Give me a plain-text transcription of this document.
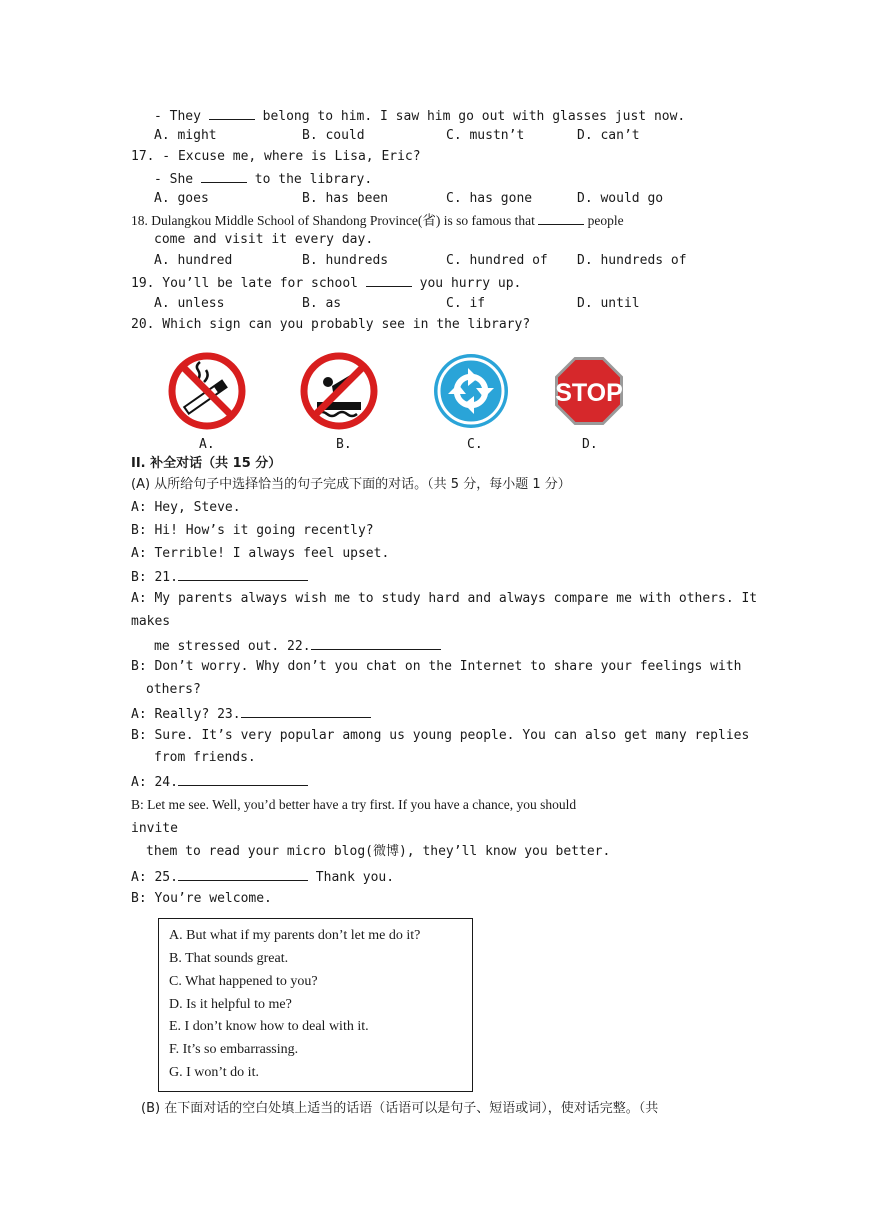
- They	belong to him. I saw him go out with glasses just now.
A. might	B. could	C. mustn’t	D. can’t
17. - Excuse me, where is Lisa, Eric?
- She	to the library.
A. goes	B. has been	C. has gone	D. would go
18. Dulangkou Middle School of Shandong Province(省) is so famous that	people
come and visit it every day.
A. hundred	B. hundreds	C. hundred of D. hundreds of
19. You’ll be late for school	you hurry up.
A. unless	B. as	C. if	D. until
20. Which sign can you probably see in the library?
STOP
A.	B.	C.	D.
II. 补全对话（共 15 分）
(A) 从所给句子中选择恰当的句子完成下面的对话。（共 5 分，每小题 1 分）
A: Hey, Steve.
B: Hi! How’s it going recently?
A: Terrible! I always feel upset.
B: 21.
A: My parents always wish me to study hard and always compare me with others. It
makes
me stressed out. 22.
B: Don’t worry. Why don’t you chat on the Internet to share your feelings with
others?
A: Really? 23.
B: Sure. It’s very popular among us young people. You can also get many replies
from friends.
A: 24.
B: Let me see. Well, you’d better have a try first. If you have a chance, you should
invite
them to read your micro blog(微博), they’ll know you better.
A: 25.	Thank you.
B: You’re welcome.
A. But what if my parents don’t let me do it?
B. That sounds great.
C. What happened to you?
D. Is it helpful to me?
E. I don’t know how to deal with it.
F. It’s so embarrassing.
G. I won’t do it.
(B) 在下面对话的空白处填上适当的话语（话语可以是句子、短语或词），使对话完整。（共
